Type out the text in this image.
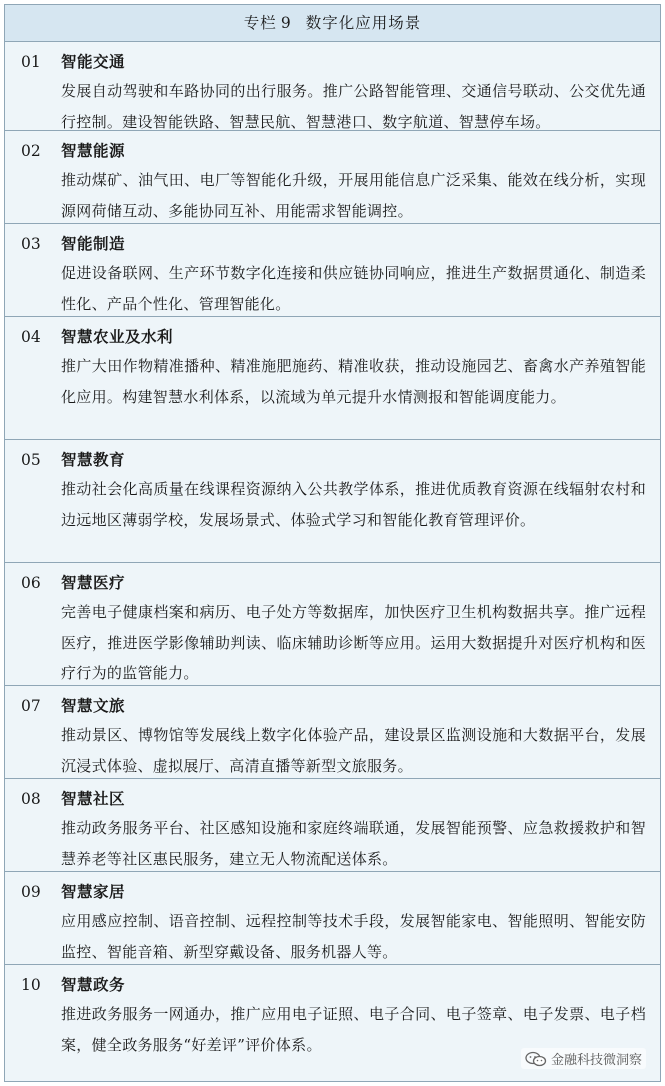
专栏 9 数字化应用场景
01 智能交通
发展自动驾驶和车路协同的出行服务。推广公路智能管理、交通信号联动、公交优先通行控制。建设智能铁路、智慧民航、智慧港口、数字航道、智慧停车场。
02 智慧能源
推动煤矿、油气田、电厂等智能化升级，开展用能信息广泛采集、能效在线分析，实现源网荷储互动、多能协同互补、用能需求智能调控。
03 智能制造
促进设备联网、生产环节数字化连接和供应链协同响应，推进生产数据贯通化、制造柔性化、产品个性化、管理智能化。
04 智慧农业及水利
推广大田作物精准播种、精准施肥施药、精准收获，推动设施园艺、畜禽水产养殖智能化应用。构建智慧水利体系，以流域为单元提升水情测报和智能调度能力。
05 智慧教育
推动社会化高质量在线课程资源纳入公共教学体系，推进优质教育资源在线辐射农村和边远地区薄弱学校，发展场景式、体验式学习和智能化教育管理评价。
06 智慧医疗
完善电子健康档案和病历、电子处方等数据库，加快医疗卫生机构数据共享。推广远程医疗，推进医学影像辅助判读、临床辅助诊断等应用。运用大数据提升对医疗机构和医疗行为的监管能力。
07 智慧文旅
推动景区、博物馆等发展线上数字化体验产品，建设景区监测设施和大数据平台，发展沉浸式体验、虚拟展厅、高清直播等新型文旅服务。
08 智慧社区
推动政务服务平台、社区感知设施和家庭终端联通，发展智能预警、应急救援救护和智慧养老等社区惠民服务，建立无人物流配送体系。
09 智慧家居
应用感应控制、语音控制、远程控制等技术手段，发展智能家电、智能照明、智能安防监控、智能音箱、新型穿戴设备、服务机器人等。
10 智慧政务
推进政务服务一网通办，推广应用电子证照、电子合同、电子签章、电子发票、电子档案，健全政务服务“好差评”评价体系。
金融科技微洞察
